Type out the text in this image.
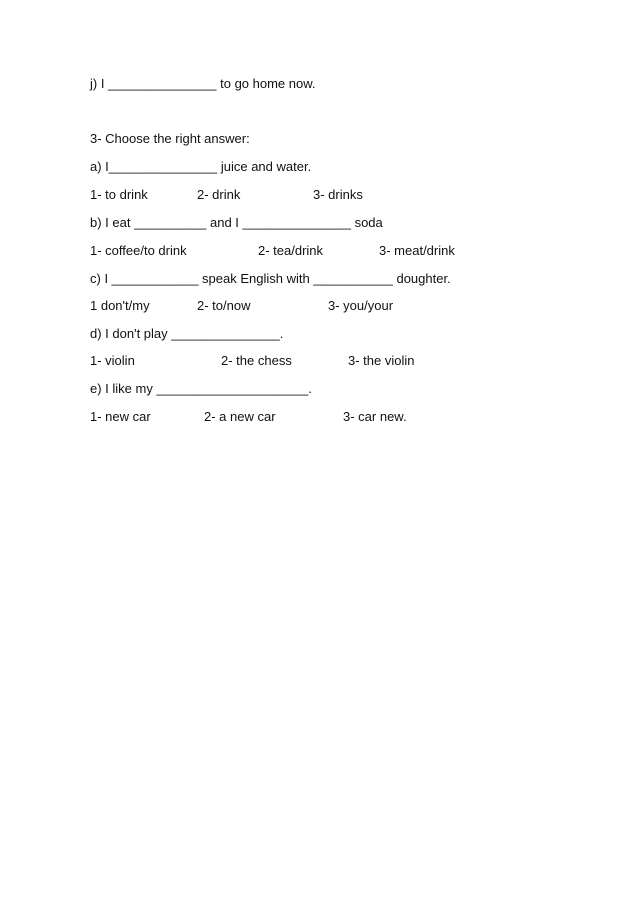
j) I _______________ to go home now.
3- Choose the right answer:
a) I_______________ juice and water.
1- to drink	2- drink	3- drinks
b) I eat __________ and I _______________ soda
1- coffee/to drink	2- tea/drink	3- meat/drink
c) I ____________ speak English with ___________ doughter.
1 don't/my	2- to/now	3- you/your
d) I don't play _______________.
1- violin	2- the chess	3- the violin
e) I like my _____________________.
1- new car	2- a new car	3- car new.
